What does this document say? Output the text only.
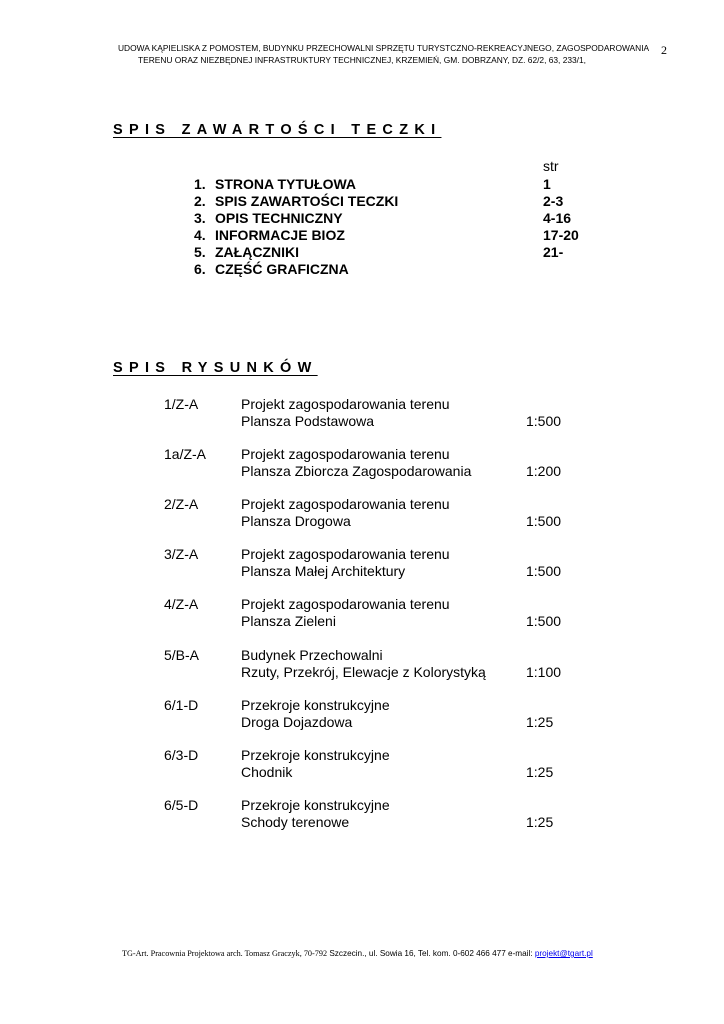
UDOWA KĄPIELISKA Z POMOSTEM, BUDYNKU PRZECHOWALNI SPRZĘTU TURYSTCZNO-REKREACYJNEGO, ZAGOSPODAROWANIA
TERENU ORAZ NIEZBĘDNEJ INFRASTRUKTURY TECHNICZNEJ, KRZEMIEŃ, GM. DOBRZANY, DZ. 62/2, 63, 233/1,
2
SPIS ZAWARTOŚCI TECZKI
str
1. STRONA TYTUŁOWA	1
2. SPIS ZAWARTOŚCI TECZKI	2-3
3. OPIS TECHNICZNY	4-16
4. INFORMACJE BIOZ	17-20
5. ZAŁĄCZNIKI	21-
6. CZĘŚĆ GRAFICZNA
SPIS RYSUNKÓW
1/Z-A	Projekt zagospodarowania terenu
Plansza Podstawowa	1:500
1a/Z-A Projekt zagospodarowania terenu
Plansza Zbiorcza Zagospodarowania	1:200
2/Z-A	Projekt zagospodarowania terenu
Plansza Drogowa	1:500
3/Z-A	Projekt zagospodarowania terenu
Plansza Małej Architektury	1:500
4/Z-A	Projekt zagospodarowania terenu
Plansza Zieleni	1:500
5/B-A	Budynek Przechowalni
Rzuty, Przekrój, Elewacje z Kolorystyką	1:100
6/1-D	Przekroje konstrukcyjne
Droga Dojazdowa	1:25
6/3-D	Przekroje konstrukcyjne
Chodnik	1:25
6/5-D	Przekroje konstrukcyjne
Schody terenowe	1:25
TG-Art. Pracownia Projektowa arch. Tomasz Graczyk, 70-792 Szczecin., ul. Sowia 16, Tel. kom. 0-602 466 477 e-mail: projekt@tgart.pl
